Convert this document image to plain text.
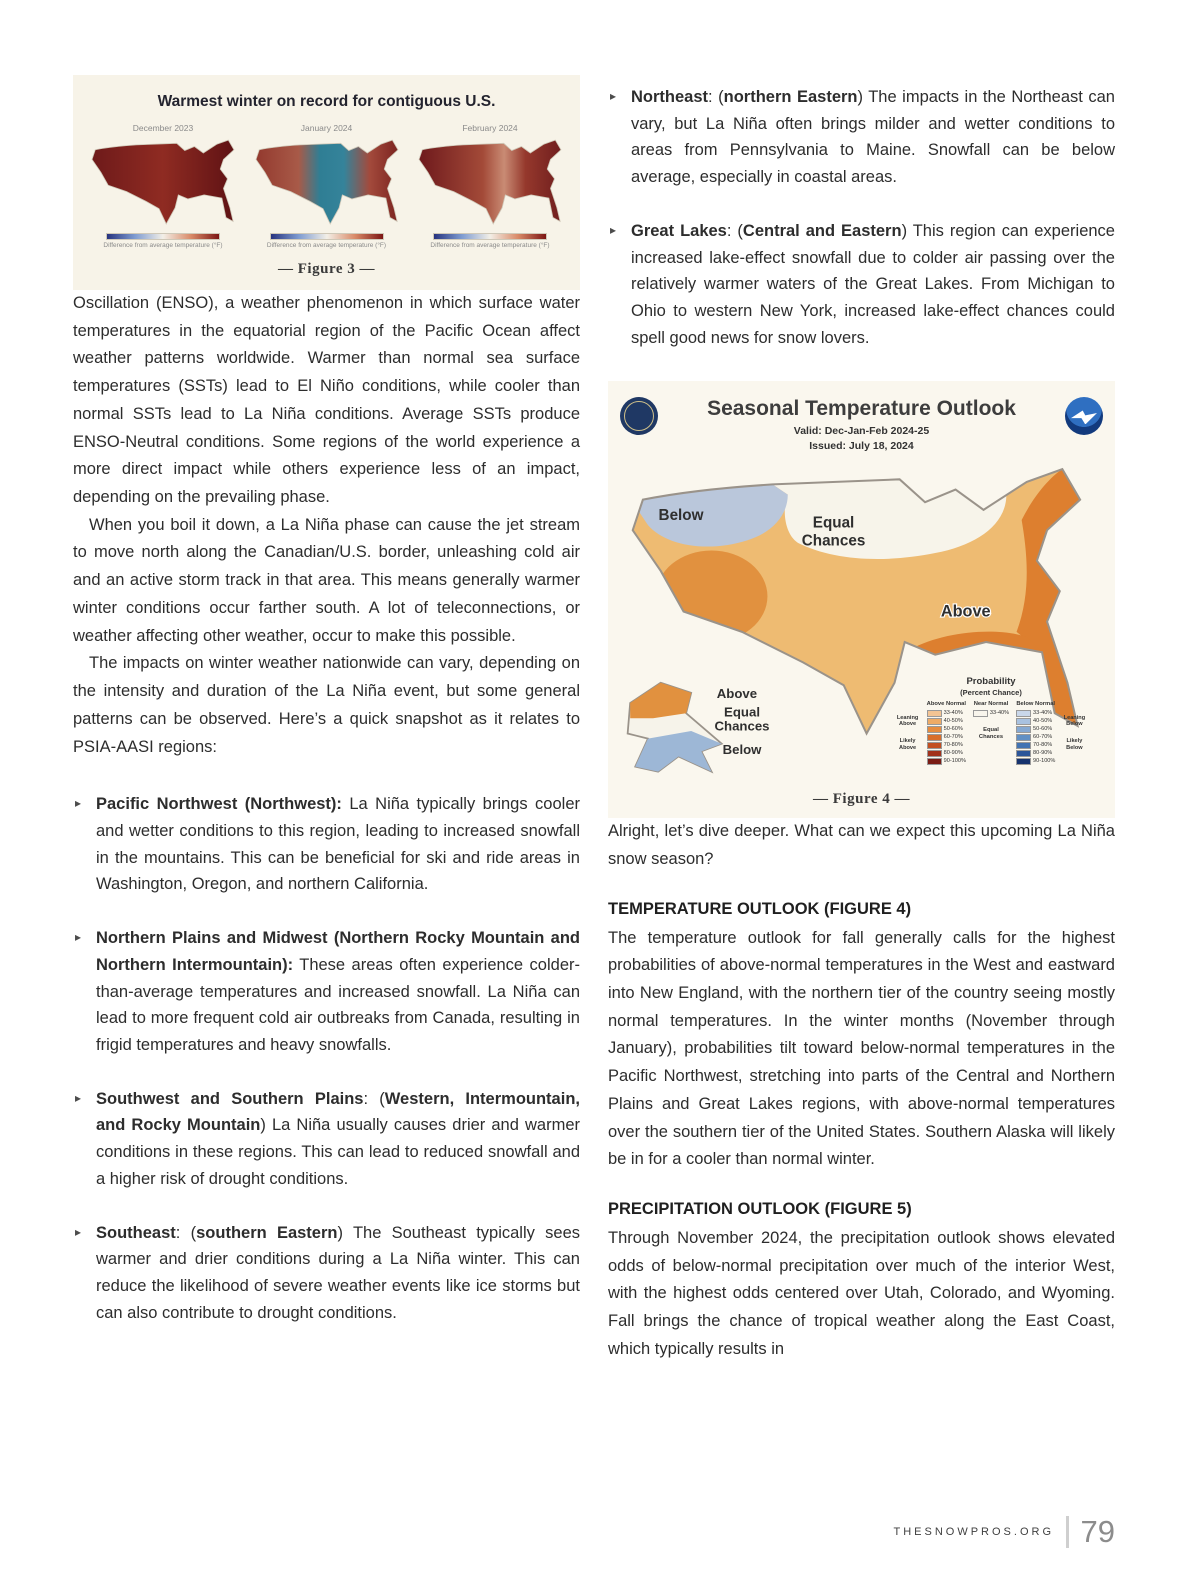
Warmest winter on record for contiguous U.S.
December 2023
Difference from average temperature (°F)
January 2024
Difference from average temperature (°F)
February 2024
Difference from average temperature (°F)
— Figure 3 —

Oscillation (ENSO), a weather phenomenon in which surface water temperatures in the equatorial region of the Pacific Ocean affect weather patterns worldwide. Warmer than normal sea surface temperatures (SSTs) lead to El Niño conditions, while cooler than normal SSTs lead to La Niña conditions. Average SSTs produce ENSO-Neutral conditions. Some regions of the world experience a more direct impact while others experience less of an impact, depending on the prevailing phase.

When you boil it down, a La Niña phase can cause the jet stream to move north along the Canadian/U.S. border, unleashing cold air and an active storm track in that area. This means generally warmer winter conditions occur farther south. A lot of teleconnections, or weather affecting other weather, occur to make this possible.

The impacts on winter weather nationwide can vary, depending on the intensity and duration of the La Niña event, but some general patterns can be observed. Here’s a quick snapshot as it relates to PSIA-AASI regions:

▸ Pacific Northwest (Northwest): La Niña typically brings cooler and wetter conditions to this region, leading to increased snowfall in the mountains. This can be beneficial for ski and ride areas in Washington, Oregon, and northern California.
▸ Northern Plains and Midwest (Northern Rocky Mountain and Northern Intermountain): These areas often experience colder-than-average temperatures and increased snowfall. La Niña can lead to more frequent cold air outbreaks from Canada, resulting in frigid temperatures and heavy snowfalls.
▸ Southwest and Southern Plains: (Western, Intermountain, and Rocky Mountain) La Niña usually causes drier and warmer conditions in these regions. This can lead to reduced snowfall and a higher risk of drought conditions.
▸ Southeast: (southern Eastern) The Southeast typically sees warmer and drier conditions during a La Niña winter. This can reduce the likelihood of severe weather events like ice storms but can also contribute to drought conditions.
▸ Northeast: (northern Eastern) The impacts in the Northeast can vary, but La Niña often brings milder and wetter conditions to areas from Pennsylvania to Maine. Snowfall can be below average, especially in coastal areas.
▸ Great Lakes: (Central and Eastern) This region can experience increased lake-effect snowfall due to colder air passing over the relatively warmer waters of the Great Lakes. From Michigan to Ohio to western New York, increased lake-effect chances could spell good news for snow lovers.
Seasonal Temperature Outlook
Valid: Dec-Jan-Feb 2024-25
Issued: July 18, 2024
Below	Equal
Chances
Above
Above
Equal
Chances
Below
Probability
(Percent Chance)
Leaning Above
Likely Above
Above Normal
33-40%
40-50%
50-60%
60-70%
70-80%
80-90%
90-100%
Near Normal
33-40%
Equal Chances
Below Normal
33-40%
40-50%
50-60%
60-70%
70-80%
80-90%
90-100%
Leaning Below
Likely Below
— Figure 4 —

Alright, let’s dive deeper. What can we expect this upcoming La Niña snow season?

TEMPERATURE OUTLOOK (FIGURE 4)

The temperature outlook for fall generally calls for the highest probabilities of above-normal temperatures in the West and eastward into New England, with the northern tier of the country seeing mostly normal temperatures. In the winter months (November through January), probabilities tilt toward below-normal temperatures in the Pacific Northwest, stretching into parts of the Central and Northern Plains and Great Lakes regions, with above-normal temperatures over the southern tier of the United States. Southern Alaska will likely be in for a cooler than normal winter.

PRECIPITATION OUTLOOK (FIGURE 5)

Through November 2024, the precipitation outlook shows elevated odds of below-normal precipitation over much of the interior West, with the highest odds centered over Utah, Colorado, and Wyoming. Fall brings the chance of tropical weather along the East Coast, which typically results in

THESNOWPROS.ORG 79
